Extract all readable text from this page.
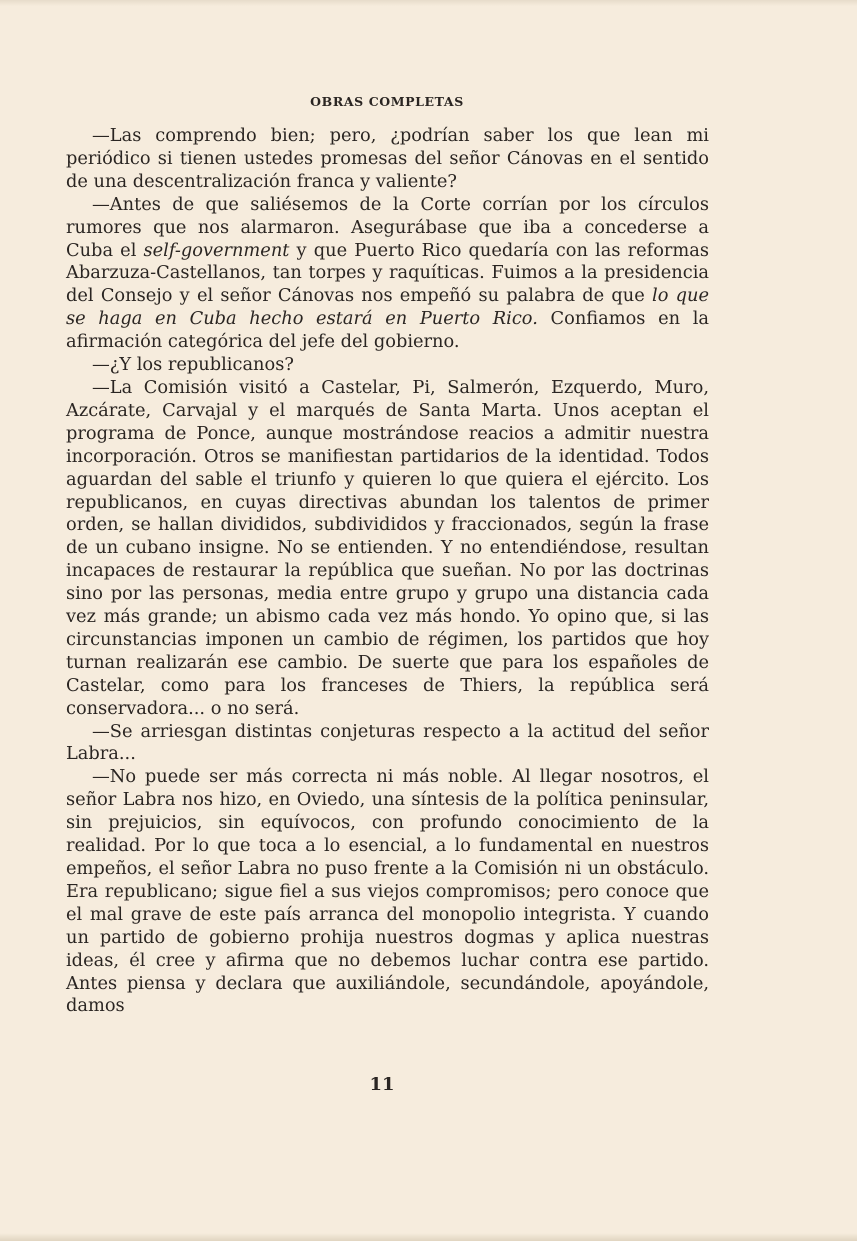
OBRAS COMPLETAS

—Las comprendo bien; pero, ¿podrían saber los que lean mi periódico si tienen ustedes promesas del señor Cánovas en el sentido de una descentralización franca y valiente?

—Antes de que saliésemos de la Corte corrían por los círculos rumores que nos alarmaron. Asegurábase que iba a concederse a Cuba el self-government y que Puerto Rico quedaría con las reformas Abarzuza-Castellanos, tan torpes y raquíticas. Fuimos a la presidencia del Consejo y el señor Cánovas nos empeñó su palabra de que lo que se haga en Cuba hecho estará en Puerto Rico. Confiamos en la afirmación categórica del jefe del gobierno.

—¿Y los republicanos?

—La Comisión visitó a Castelar, Pi, Salmerón, Ezquerdo, Muro, Azcárate, Carvajal y el marqués de Santa Marta. Unos aceptan el programa de Ponce, aunque mostrándose reacios a admitir nuestra incorporación. Otros se manifiestan partidarios de la identidad. Todos aguardan del sable el triunfo y quieren lo que quiera el ejército. Los republicanos, en cuyas directivas abundan los talentos de primer orden, se hallan divididos, subdivididos y fraccionados, según la frase de un cubano insigne. No se entienden. Y no entendiéndose, resultan incapaces de restaurar la república que sueñan. No por las doctrinas sino por las personas, media entre grupo y grupo una distancia cada vez más grande; un abismo cada vez más hondo. Yo opino que, si las circunstancias imponen un cambio de régimen, los partidos que hoy turnan realizarán ese cambio. De suerte que para los españoles de Castelar, como para los franceses de Thiers, la república será conservadora... o no será.

—Se arriesgan distintas conjeturas respecto a la actitud del señor Labra...

—No puede ser más correcta ni más noble. Al llegar nosotros, el señor Labra nos hizo, en Oviedo, una síntesis de la política peninsular, sin prejuicios, sin equívocos, con profundo conocimiento de la realidad. Por lo que toca a lo esencial, a lo fundamental en nuestros empeños, el señor Labra no puso frente a la Comisión ni un obstáculo. Era republicano; sigue fiel a sus viejos compromisos; pero conoce que el mal grave de este país arranca del monopolio integrista. Y cuando un partido de gobierno prohija nuestros dogmas y aplica nuestras ideas, él cree y afirma que no debemos luchar contra ese partido. Antes piensa y declara que auxiliándole, secundándole, apoyándole, damos

11
